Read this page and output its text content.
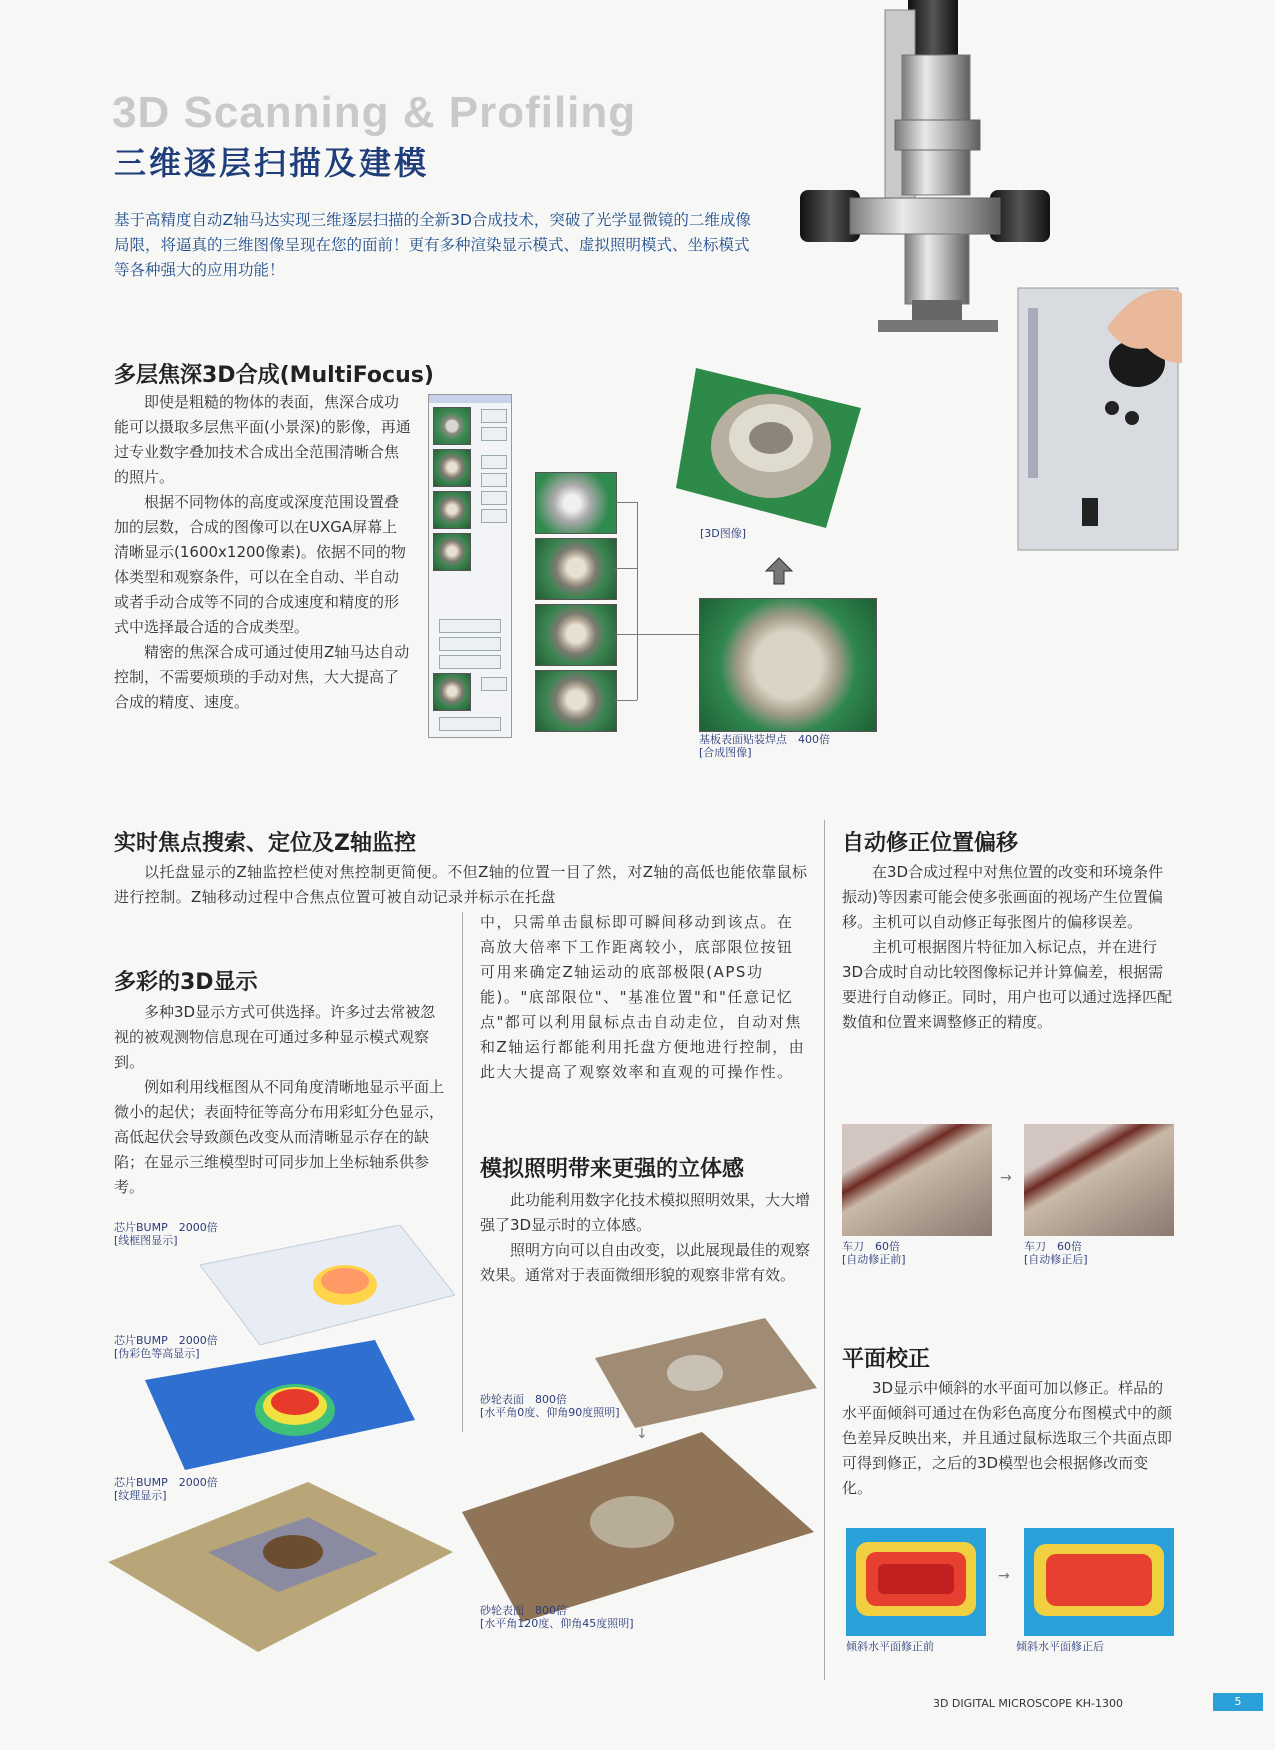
3D Scanning & Profiling
三维逐层扫描及建模
基于高精度自动Z轴马达实现三维逐层扫描的全新3D合成技术，突破了光学显微镜的二维成像局限，将逼真的三维图像呈现在您的面前！更有多种渲染显示模式、虚拟照明模式、坐标模式等各种强大的应用功能！
多层焦深3D合成(MultiFocus)

即使是粗糙的物体的表面，焦深合成功能可以摄取多层焦平面(小景深)的影像，再通过专业数字叠加技术合成出全范围清晰合焦的照片。

根据不同物体的高度或深度范围设置叠加的层数，合成的图像可以在UXGA屏幕上清晰显示(1600x1200像素)。依据不同的物体类型和观察条件，可以在全自动、半自动或者手动合成等不同的合成速度和精度的形式中选择最合适的合成类型。

精密的焦深合成可通过使用Z轴马达自动控制，不需要烦琐的手动对焦，大大提高了合成的精度、速度。

[3D图像]
基板表面贴装焊点　400倍
[合成图像]
实时焦点搜索、定位及Z轴监控
以托盘显示的Z轴监控栏使对焦控制更简便。不但Z轴的位置一目了然，对Z轴的高低也能依靠鼠标进行控制。Z轴移动过程中合焦点位置可被自动记录并标示在托盘
中，只需单击鼠标即可瞬间移动到该点。在高放大倍率下工作距离较小，底部限位按钮可用来确定Z轴运动的底部极限(APS功能)。"底部限位"、"基准位置"和"任意记忆点"都可以利用鼠标点击自动走位，自动对焦和Z轴运行都能利用托盘方便地进行控制，由此大大提高了观察效率和直观的可操作性。
多彩的3D显示

多种3D显示方式可供选择。许多过去常被忽视的被观测物信息现在可通过多种显示模式观察到。

例如利用线框图从不同角度清晰地显示平面上微小的起伏；表面特征等高分布用彩虹分色显示，高低起伏会导致颜色改变从而清晰显示存在的缺陷；在显示三维模型时可同步加上坐标轴系供参考。

芯片BUMP　2000倍
[线框图显示]
芯片BUMP　2000倍
[伪彩色等高显示]
芯片BUMP　2000倍
[纹理显示]
模拟照明带来更强的立体感

此功能利用数字化技术模拟照明效果，大大增强了3D显示时的立体感。

照明方向可以自由改变，以此展现最佳的观察效果。通常对于表面微细形貌的观察非常有效。

砂轮表面　800倍
[水平角0度、仰角90度照明]
↓
砂轮表面　800倍
[水平角120度、仰角45度照明]
自动修正位置偏移

在3D合成过程中对焦位置的改变和环境条件振动)等因素可能会使多张画面的视场产生位置偏移。主机可以自动修正每张图片的偏移误差。

主机可根据图片特征加入标记点，并在进行3D合成时自动比较图像标记并计算偏差，根据需要进行自动修正。同时，用户也可以通过选择匹配数值和位置来调整修正的精度。

→
车刀　60倍
[自动修正前]
车刀　60倍
[自动修正后]
平面校正

3D显示中倾斜的水平面可加以修正。样品的水平面倾斜可通过在伪彩色高度分布图模式中的颜色差异反映出来，并且通过鼠标选取三个共面点即可得到修正，之后的3D模型也会根据修改而变化。

→
倾斜水平面修正前	倾斜水平面修正后
3D DIGITAL MICROSCOPE KH-1300	5
